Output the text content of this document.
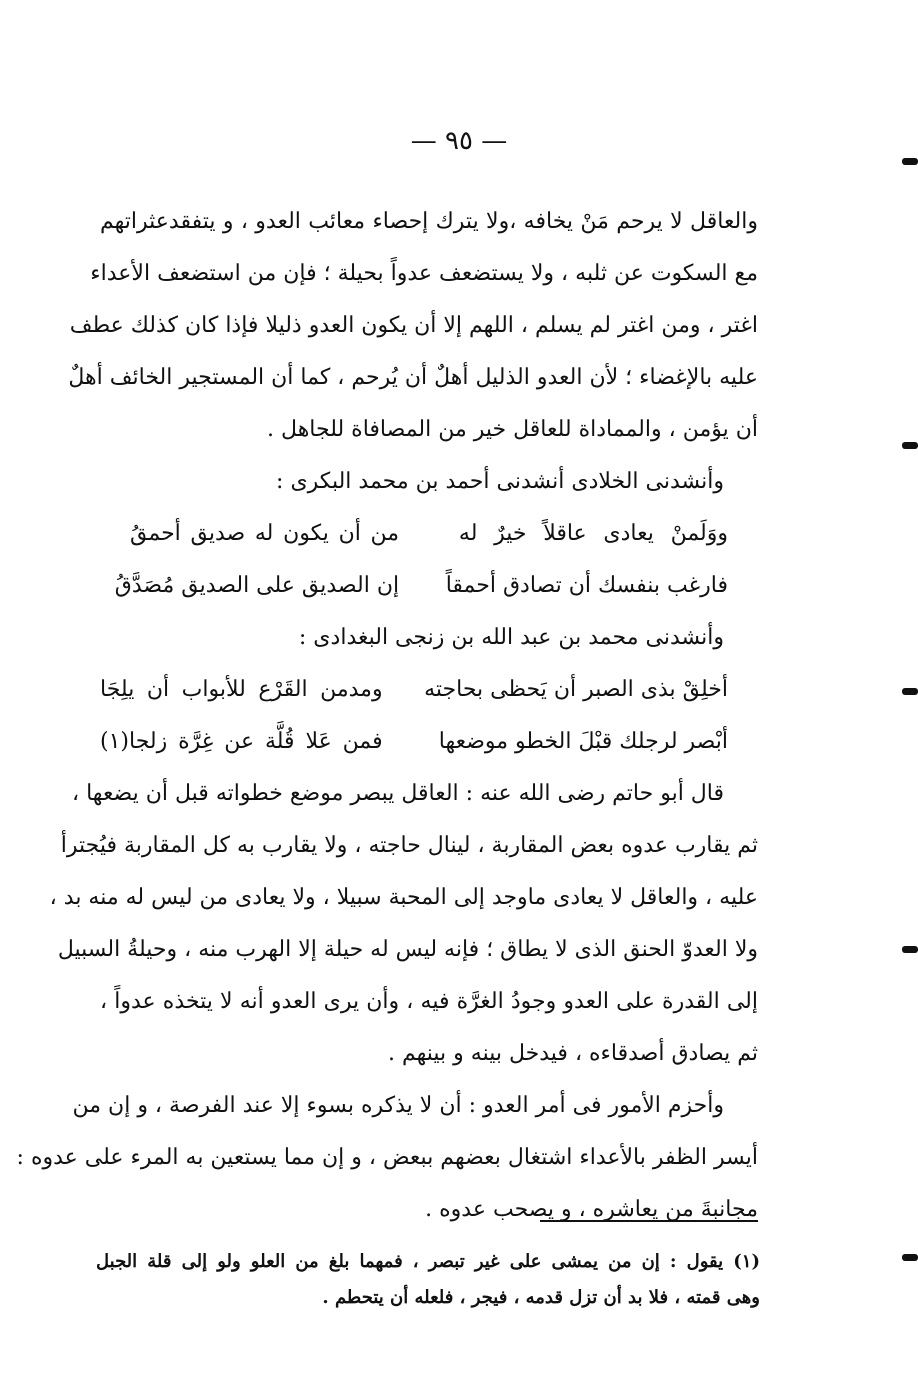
— ٩٥ —
والعاقل لا يرحم مَنْ يخافه ،ولا يترك إحصاء معائب العدو ، و يتفقدعثراتهم
مع السكوت عن ثلبه ، ولا يستضعف عدواً بحيلة ؛ فإن من استضعف الأعداء
اغتر ، ومن اغتر لم يسلم ، اللهم إلا أن يكون العدو ذليلا فإذا كان كذلك عطف
عليه بالإغضاء ؛ لأن العدو الذليل أهلٌ أن يُرحم ، كما أن المستجير الخائف أهلٌ
أن يؤمن ، والمماداة للعاقل خير من المصافاة للجاهل .
وأنشدنى الخلادى أنشدنى أحمد بن محمد البكرى :
ووَلَمنْ يعادى عاقلاً خيرٌ له
من أن يكون له صديق أحمقُ
فارغب بنفسك أن تصادق أحمقاً
إن الصديق على الصديق مُصَدَّقُ
وأنشدنى محمد بن عبد الله بن زنجى البغدادى :
أخلِقْ بذى الصبر أن يَحظى بحاجته
ومدمن القَرْع للأبواب أن يلِجَا
أبْصر لرجلك قبْلَ الخطو موضعها
فمن عَلا قُلَّة عن غِرَّة زلجا(١)
قال أبو حاتم رضى الله عنه : العاقل يبصر موضع خطواته قبل أن يضعها ،
ثم يقارب عدوه بعض المقاربة ، لينال حاجته ، ولا يقارب به كل المقاربة فيُجترأ
عليه ، والعاقل لا يعادى ماوجد إلى المحبة سبيلا ، ولا يعادى من ليس له منه بد ،
ولا العدوّ الحنق الذى لا يطاق ؛ فإنه ليس له حيلة إلا الهرب منه ، وحيلةُ السبيل
إلى القدرة على العدو وجودُ الغرَّة فيه ، وأن يرى العدو أنه لا يتخذه عدواً ،
ثم يصادق أصدقاءه ، فيدخل بينه و بينهم .
وأحزم الأمور فى أمر العدو : أن لا يذكره بسوء إلا عند الفرصة ، و إن من
أيسر الظفر بالأعداء اشتغال بعضهم ببعض ، و إن مما يستعين به المرء على عدوه :
مجانبةَ من يعاشره ، و يصحب عدوه .
(١) يقول : إن من يمشى على غير تبصر ، فمهما بلغ من العلو ولو إلى قلة الجبل
وهى قمته ، فلا بد أن تزل قدمه ، فيجر ، فلعله أن يتحطم .
